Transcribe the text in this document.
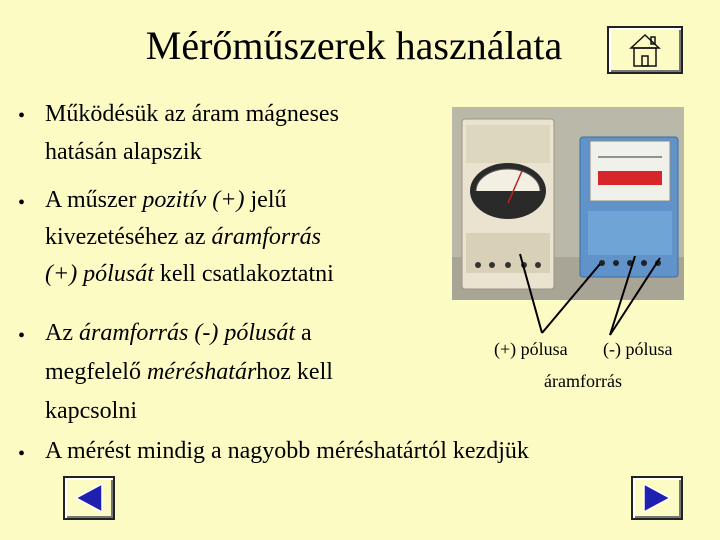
Mérőműszerek használata
• Működésük az áram mágneses
hatásán alapszik
• A műszer pozitív (+) jelű
kivezetéséhez az áramforrás
(+) pólusát kell csatlakoztatni
• Az áramforrás (-) pólusát a
megfelelő méréshatárhoz kell
kapcsolni
• A mérést mindig a nagyobb méréshatártól kezdjük
(+) pólusa (-) pólusa
áramforrás
